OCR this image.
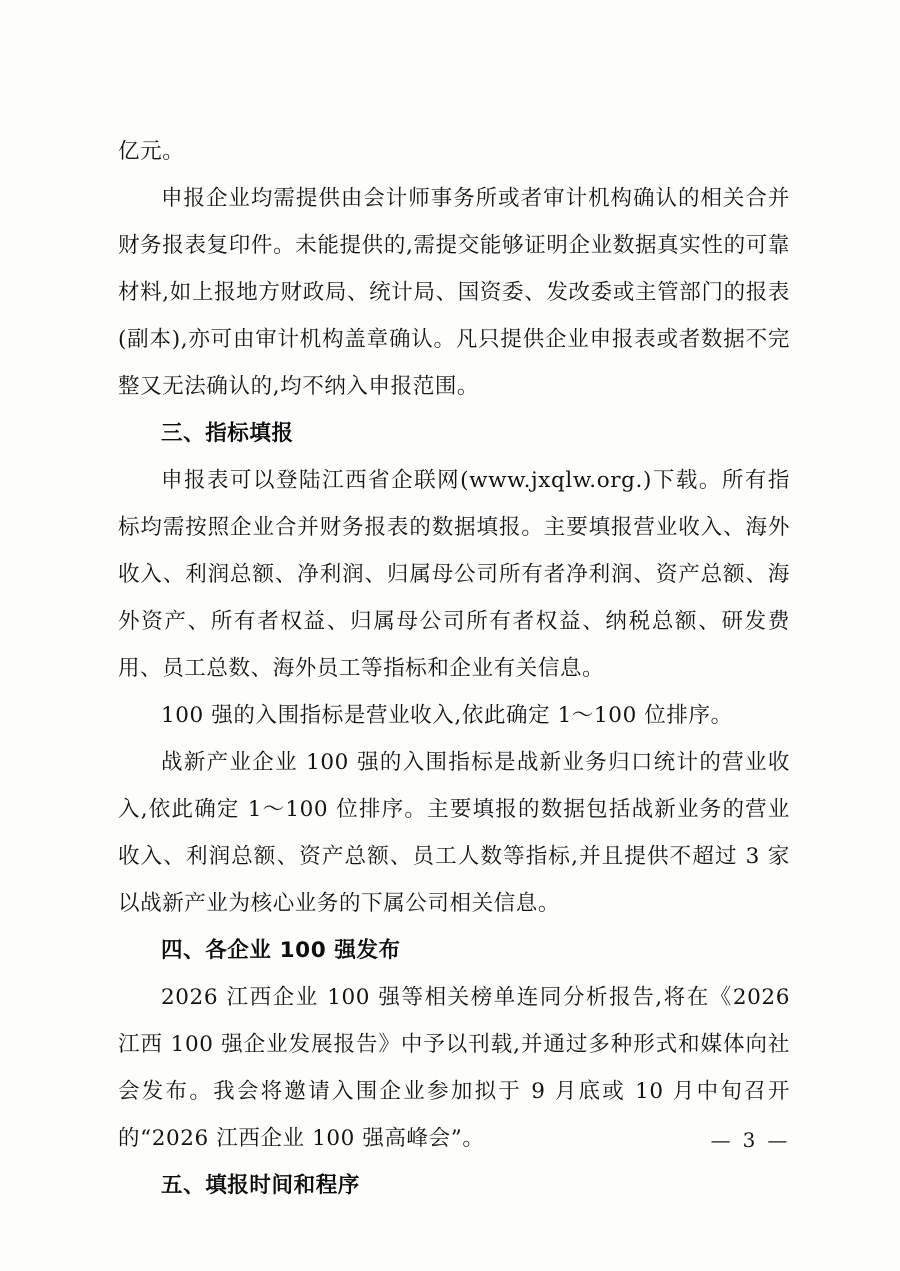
亿元。

申报企业均需提供由会计师事务所或者审计机构确认的相关合并财务报表复印件。未能提供的,需提交能够证明企业数据真实性的可靠材料,如上报地方财政局、统计局、国资委、发改委或主管部门的报表(副本),亦可由审计机构盖章确认。凡只提供企业申报表或者数据不完整又无法确认的,均不纳入申报范围。

三、指标填报

申报表可以登陆江西省企联网(www.jxqlw.org.)下载。所有指标均需按照企业合并财务报表的数据填报。主要填报营业收入、海外收入、利润总额、净利润、归属母公司所有者净利润、资产总额、海外资产、所有者权益、归属母公司所有者权益、纳税总额、研发费用、员工总数、海外员工等指标和企业有关信息。

100 强的入围指标是营业收入,依此确定 1～100 位排序。

战新产业企业 100 强的入围指标是战新业务归口统计的营业收入,依此确定 1～100 位排序。主要填报的数据包括战新业务的营业收入、利润总额、资产总额、员工人数等指标,并且提供不超过 3 家以战新产业为核心业务的下属公司相关信息。

四、各企业 100 强发布

2026 江西企业 100 强等相关榜单连同分析报告,将在《2026 江西 100 强企业发展报告》中予以刊载,并通过多种形式和媒体向社会发布。我会将邀请入围企业参加拟于 9 月底或 10 月中旬召开的“2026 江西企业 100 强高峰会”。

五、填报时间和程序

— 3 —
